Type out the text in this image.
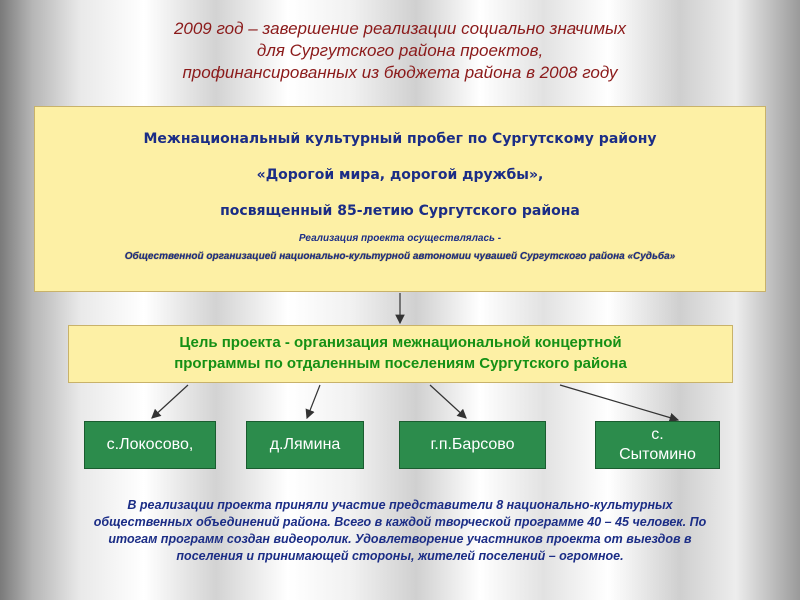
2009 год – завершение реализации социально значимых
для Сургутского района проектов,
профинансированных из бюджета района в 2008 году
Межнациональный культурный пробег по Сургутскому району
«Дорогой мира, дорогой дружбы»,
посвященный 85-летию Сургутского района
Реализация проекта осуществлялась -
Общественной организацией национально-культурной автономии чувашей Сургутского района «Судьба»
Цель проекта - организация межнациональной концертной
программы по отдаленным поселениям Сургутского района
с.Локосово,	д.Лямина	г.п.Барсово
с.
Сытомино
В реализации проекта приняли участие представители 8 национально-культурных
общественных объединений района. Всего в каждой творческой программе 40 – 45 человек. По
итогам программ создан видеоролик. Удовлетворение участников проекта от выездов в
поселения и принимающей стороны, жителей поселений – огромное.
